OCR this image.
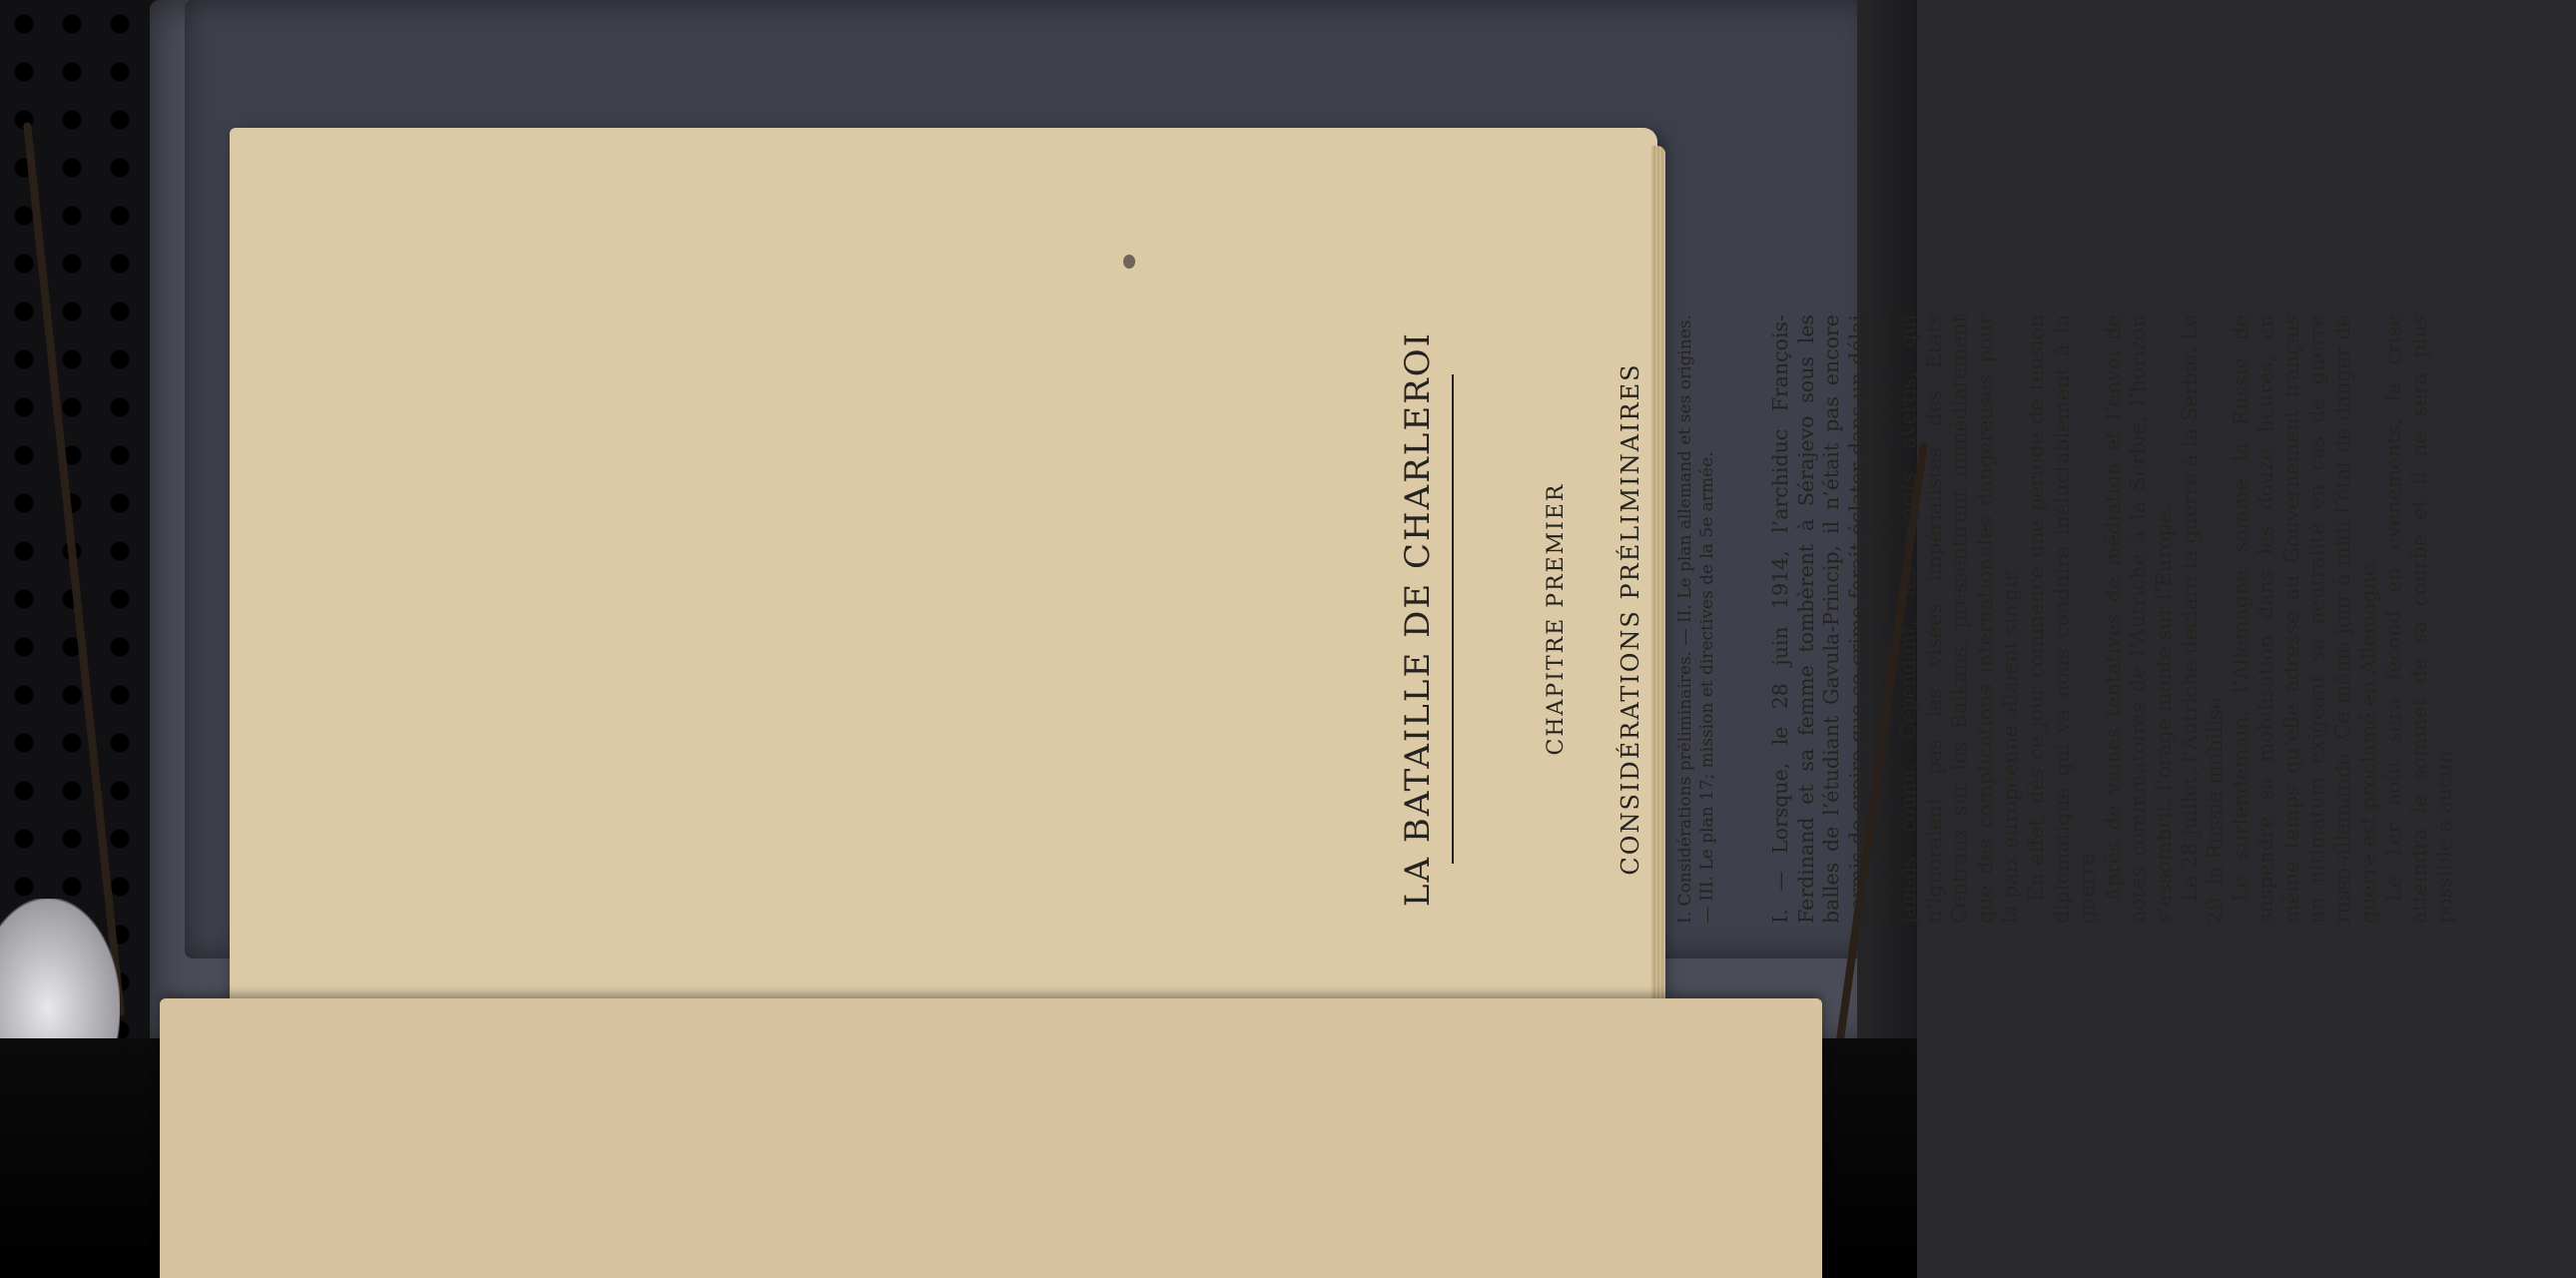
LA BATAILLE DE CHARLEROI	CHAPITRE PREMIER CONSIDÉRATIONS PRÉLIMINAIRES I. Considérations préliminaires. — II. Le plan allemand et ses origines. — III. Le plan 17; mission et directives de la 5e armée. I. — Lorsque, le 28 juin 1914, l’archiduc François-Ferdinand et sa femme tombèrent à Sérajevo sous les balles de l’étudiant Gavula-Princip, il n’était pas encore permis de croire que ce crime ferait éclater dans un délai très court un cataclysme comme l’histoire n’en avait jamais connu. Cependant, les esprits avertis, qui n’ignoraient pas les visées impérialistes des États Centraux sur les Balkans, pressentirent immédiatement que des complications internationales dangereuses pour la paix européenne allaient surgir. En effet, dès ce jour commence une période de tension diplomatique qui va nous conduire inéluctablement à la guerre. Après de vaines tentatives de médiation et l’envoi de notes comminatoires de l’Autriche à la Serbie, l’horizon s’assombrit, l’orage monte sur l’Europe. Le 28 juillet, l’Autriche déclare la guerre à la Serbie. Le 29, la Russie mobilise. Le surlendemain, l’Allemagne somme la Russie de suspendre sa mobilisation dans les douze heures, en même temps qu’elle adresse au Gouvernement français un ultimatum exigeant sa neutralité en cas de guerre russo-allemande. Ce même jour à midi l’état de danger de guerre est proclamé en Allemagne. Le 1er août sera fécond en événements, la crise atteindra le sommet de sa courbe et il ne sera plus possible à aucun
